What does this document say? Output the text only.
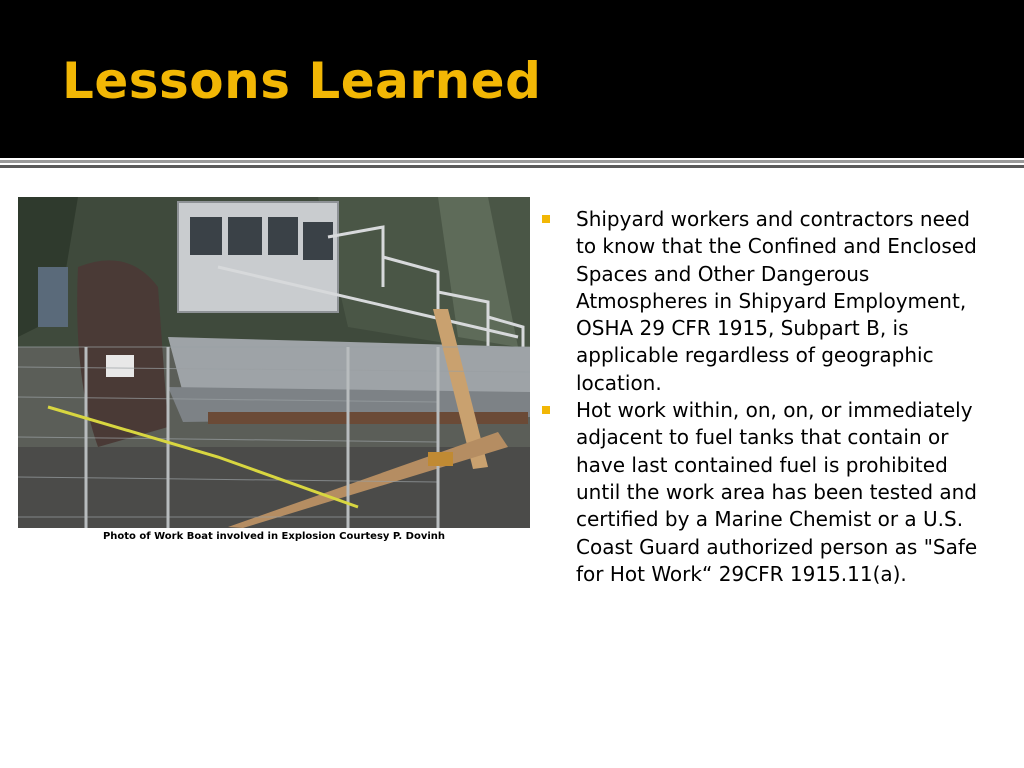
Lessons Learned
Photo of Work Boat involved in Explosion Courtesy P. Dovinh
Shipyard workers and contractors need to know that the Confined and Enclosed Spaces and Other Dangerous Atmospheres in Shipyard Employment, OSHA 29 CFR 1915, Subpart B, is applicable regardless of geographic location.
Hot work within, on, on, or immediately adjacent to fuel tanks that contain or have last contained fuel is prohibited until the work area has been tested and certified by a Marine Chemist or a U.S. Coast Guard authorized person as "Safe for Hot Work“ 29CFR 1915.11(a).
